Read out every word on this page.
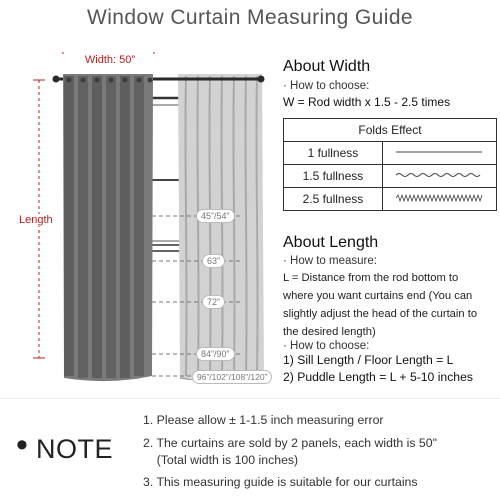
Window Curtain Measuring Guide
Width: 50”
Length	45”/54”
63”
72”
84”/90”
96”/102”/108”/120”
About Width
· How to choose:
W = Rod width x 1.5 - 2.5 times
Folds Effect	
1 fullness	
1.5 fullness	
2.5 fullness	
About Length
· How to measure:
L = Distance from the rod bottom to
where you want curtains end (You can
slightly adjust the head of the curtain to
the desired length)
· How to choose:
1) Sill Length / Floor Length = L
2) Puddle Length = L + 5-10 inches
• NOTE
1. Please allow ± 1-1.5 inch measuring error
2. The curtains are sold by 2 panels, each width is 50"
(Total width is 100 inches)
3. This measuring guide is suitable for our curtains
